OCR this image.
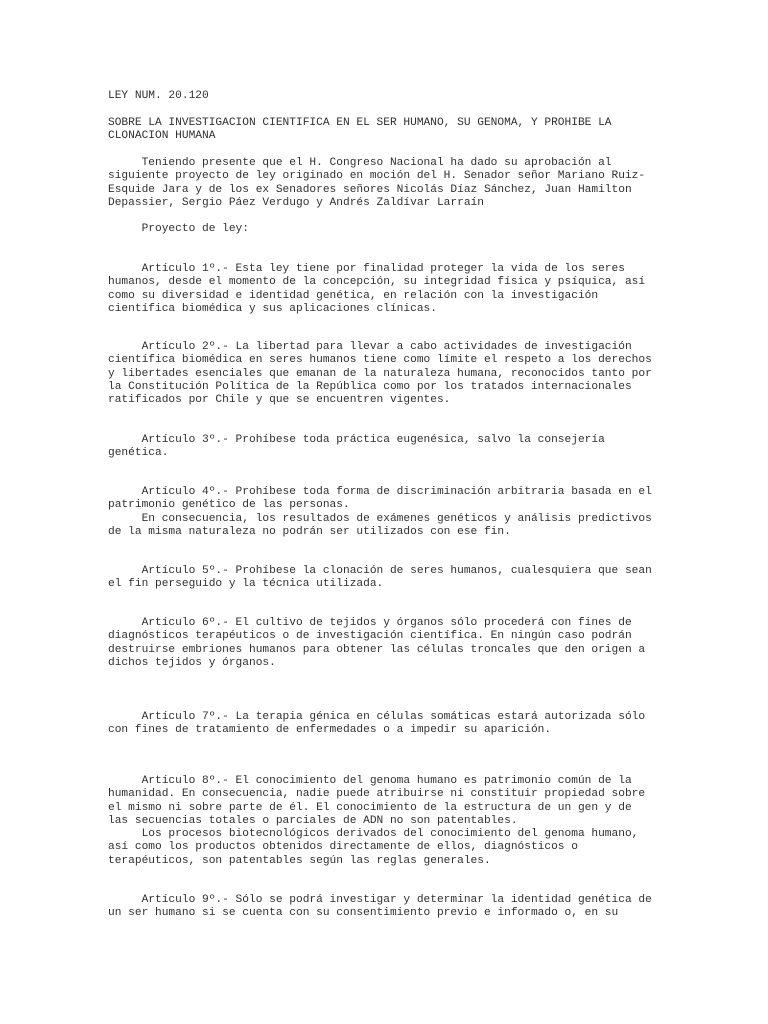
LEY NUM. 20.120

SOBRE LA INVESTIGACION CIENTIFICA EN EL SER HUMANO, SU GENOMA, Y PROHIBE LA
CLONACION HUMANA

Teniendo presente que el H. Congreso Nacional ha dado su aprobación al
siguiente proyecto de ley originado en moción del H. Senador señor Mariano Ruiz-
Esquide Jara y de los ex Senadores señores Nicolás Díaz Sánchez, Juan Hamilton
Depassier, Sergio Páez Verdugo y Andrés Zaldívar Larraín

Proyecto de ley:

Artículo 1º.- Esta ley tiene por finalidad proteger la vida de los seres
humanos, desde el momento de la concepción, su integridad física y psíquica, así
como su diversidad e identidad genética, en relación con la investigación
científica biomédica y sus aplicaciones clínicas.

Artículo 2º.- La libertad para llevar a cabo actividades de investigación
científica biomédica en seres humanos tiene como límite el respeto a los derechos
y libertades esenciales que emanan de la naturaleza humana, reconocidos tanto por
la Constitución Política de la República como por los tratados internacionales
ratificados por Chile y que se encuentren vigentes.

Artículo 3º.- Prohíbese toda práctica eugenésica, salvo la consejería
genética.

Artículo 4º.- Prohíbese toda forma de discriminación arbitraria basada en el
patrimonio genético de las personas.
En consecuencia, los resultados de exámenes genéticos y análisis predictivos
de la misma naturaleza no podrán ser utilizados con ese fin.

Artículo 5º.- Prohíbese la clonación de seres humanos, cualesquiera que sean
el fin perseguido y la técnica utilizada.

Artículo 6º.- El cultivo de tejidos y órganos sólo procederá con fines de
diagnósticos terapéuticos o de investigación científica. En ningún caso podrán
destruirse embriones humanos para obtener las células troncales que den origen a
dichos tejidos y órganos.

Artículo 7º.- La terapia génica en células somáticas estará autorizada sólo
con fines de tratamiento de enfermedades o a impedir su aparición.

Artículo 8º.- El conocimiento del genoma humano es patrimonio común de la
humanidad. En consecuencia, nadie puede atribuirse ni constituir propiedad sobre
el mismo ni sobre parte de él. El conocimiento de la estructura de un gen y de
las secuencias totales o parciales de ADN no son patentables.
Los procesos biotecnológicos derivados del conocimiento del genoma humano,
así como los productos obtenidos directamente de ellos, diagnósticos o
terapéuticos, son patentables según las reglas generales.

Artículo 9º.- Sólo se podrá investigar y determinar la identidad genética de
un ser humano si se cuenta con su consentimiento previo e informado o, en su
